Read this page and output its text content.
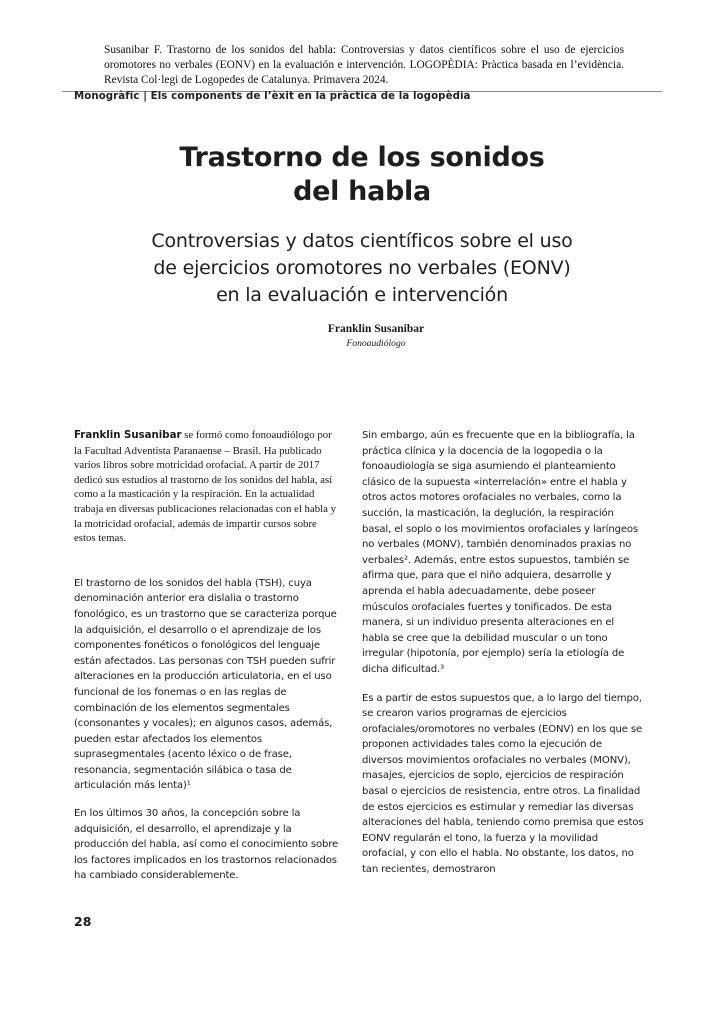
Susanibar F. Trastorno de los sonidos del habla: Controversias y datos científicos sobre el uso de ejercicios oromotores no verbales (EONV) en la evaluación e intervención. LOGOPÈDIA: Pràctica basada en l’evidència. Revista Col·legi de Logopedes de Catalunya. Primavera 2024.
Monogràfic | Els components de l’èxit en la pràctica de la logopèdia
Trastorno de los sonidos
del habla
Controversias y datos científicos sobre el uso
de ejercicios oromotores no verbales (EONV)
en la evaluación e intervención
Franklin Susanibar
Fonoaudiólogo

Franklin Susanibar se formó como fonoaudiólogo por la Facultad Adventista Paranaense – Brasil. Ha publicado varios libros sobre motricidad orofacial. A partir de 2017 dedicó sus estudios al trastorno de los sonidos del habla, así como a la masticación y la respiración. En la actualidad trabaja en diversas publicaciones relacionadas con el habla y la motricidad orofacial, además de impartir cursos sobre estos temas.

El trastorno de los sonidos del habla (TSH), cuya denominación anterior era dislalia o trastorno fonológico, es un trastorno que se caracteriza porque la adquisición, el desarrollo o el aprendizaje de los componentes fonéticos o fonológicos del lenguaje están afectados. Las personas con TSH pueden sufrir alteraciones en la producción articulatoria, en el uso funcional de los fonemas o en las reglas de combinación de los elementos segmentales (consonantes y vocales); en algunos casos, además, pueden estar afectados los elementos suprasegmentales (acento léxico o de frase, resonancia, segmentación silábica o tasa de articulación más lenta)¹

En los últimos 30 años, la concepción sobre la adquisición, el desarrollo, el aprendizaje y la producción del habla, así como el conocimiento sobre los factores implicados en los trastornos relacionados ha cambiado considerablemente.

Sin embargo, aún es frecuente que en la bibliografía, la práctica clínica y la docencia de la logopedia o la fonoaudiología se siga asumiendo el planteamiento clásico de la supuesta «interrelación» entre el habla y otros actos motores orofaciales no verbales, como la succión, la masticación, la deglución, la respiración basal, el soplo o los movimientos orofaciales y laríngeos no verbales (MONV), también denominados praxias no verbales². Además, entre estos supuestos, también se afirma que, para que el niño adquiera, desarrolle y aprenda el habla adecuadamente, debe poseer músculos orofaciales fuertes y tonificados. De esta manera, si un individuo presenta alteraciones en el habla se cree que la debilidad muscular o un tono irregular (hipotonía, por ejemplo) sería la etiología de dicha dificultad.³

Es a partir de estos supuestos que, a lo largo del tiempo, se crearon varios programas de ejercicios orofaciales/oromotores no verbales (EONV) en los que se proponen actividades tales como la ejecución de diversos movimientos orofaciales no verbales (MONV), masajes, ejercicios de soplo, ejercicios de respiración basal o ejercicios de resistencia, entre otros. La finalidad de estos ejercicios es estimular y remediar las diversas alteraciones del habla, teniendo como premisa que estos EONV regularán el tono, la fuerza y la movilidad orofacial, y con ello el habla. No obstante, los datos, no tan recientes, demostraron

28
